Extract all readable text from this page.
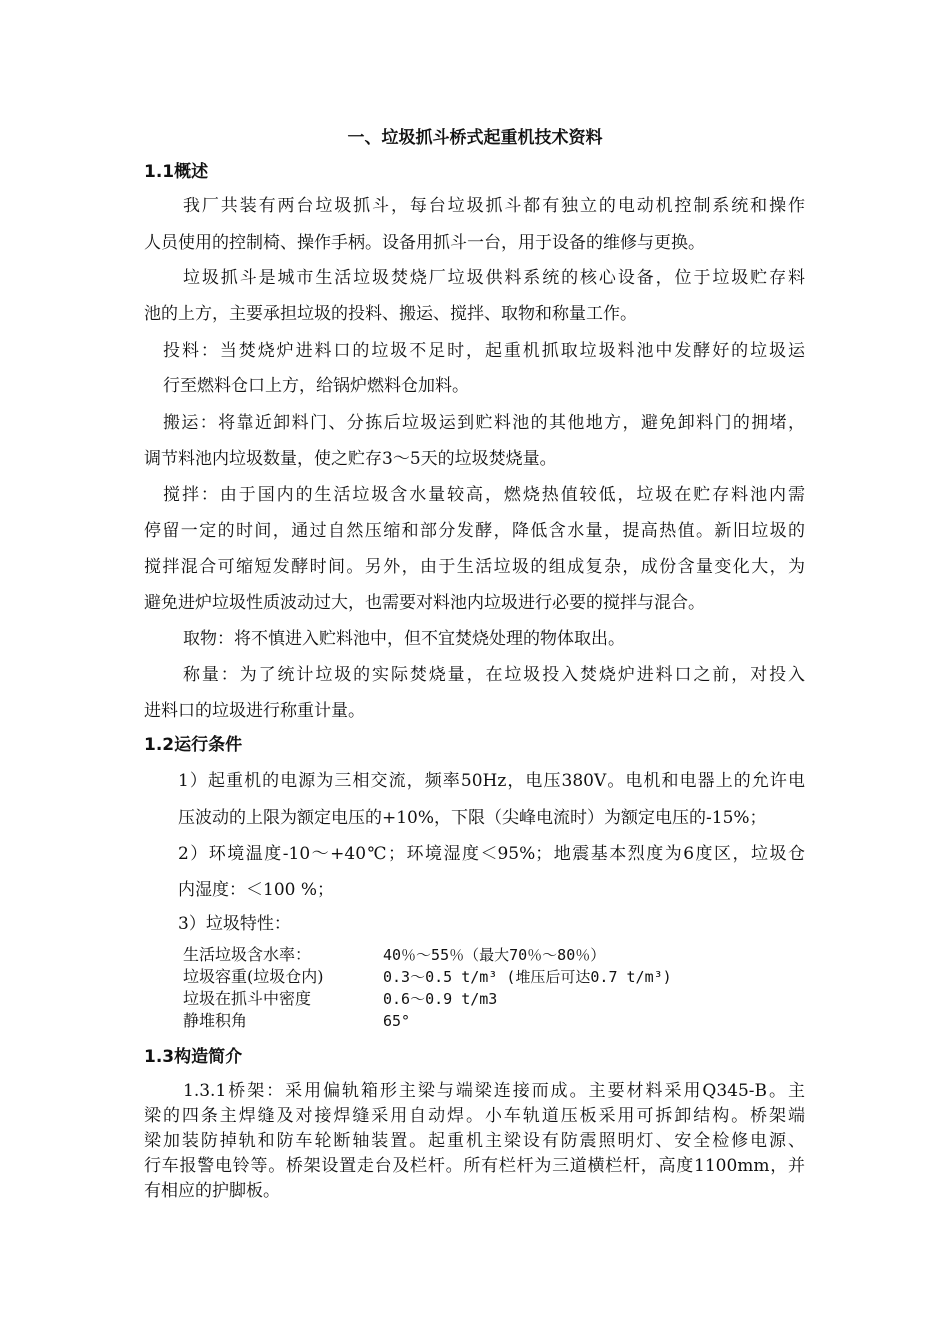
一、垃圾抓斗桥式起重机技术资料
1.1概述
我厂共装有两台垃圾抓斗，每台垃圾抓斗都有独立的电动机控制系统和操作
人员使用的控制椅、操作手柄。设备用抓斗一台，用于设备的维修与更换。
垃圾抓斗是城市生活垃圾焚烧厂垃圾供料系统的核心设备，位于垃圾贮存料
池的上方，主要承担垃圾的投料、搬运、搅拌、取物和称量工作。
投料：当焚烧炉进料口的垃圾不足时，起重机抓取垃圾料池中发酵好的垃圾运
行至燃料仓口上方，给锅炉燃料仓加料。
搬运：将靠近卸料门、分拣后垃圾运到贮料池的其他地方，避免卸料门的拥堵，
调节料池内垃圾数量，使之贮存3～5天的垃圾焚烧量。
搅拌：由于国内的生活垃圾含水量较高，燃烧热值较低，垃圾在贮存料池内需
停留一定的时间，通过自然压缩和部分发酵，降低含水量，提高热值。新旧垃圾的
搅拌混合可缩短发酵时间。另外，由于生活垃圾的组成复杂，成份含量变化大，为
避免进炉垃圾性质波动过大，也需要对料池内垃圾进行必要的搅拌与混合。
取物：将不慎进入贮料池中，但不宜焚烧处理的物体取出。
称量：为了统计垃圾的实际焚烧量，在垃圾投入焚烧炉进料口之前，对投入
进料口的垃圾进行称重计量。
1.2运行条件
1）起重机的电源为三相交流，频率50Hz，电压380V。电机和电器上的允许电
压波动的上限为额定电压的+10%，下限（尖峰电流时）为额定电压的-15%；
2）环境温度-10～+40℃；环境湿度＜95%；地震基本烈度为6度区，垃圾仓
内湿度：＜100 %；
3）垃圾特性：
生活垃圾含水率：	40％～55％（最大70％～80％）
垃圾容重(垃圾仓内)	0.3～0.5 t/m³ (堆压后可达0.7 t/m³)
垃圾在抓斗中密度	0.6～0.9 t/m3
静堆积角	65°
1.3构造简介
1.3.1桥架：采用偏轨箱形主梁与端梁连接而成。主要材料采用Q345-B。主
梁的四条主焊缝及对接焊缝采用自动焊。小车轨道压板采用可拆卸结构。桥架端
梁加装防掉轨和防车轮断轴装置。起重机主梁设有防震照明灯、安全检修电源、
行车报警电铃等。桥架设置走台及栏杆。所有栏杆为三道横栏杆，高度1100mm，并
有相应的护脚板。
